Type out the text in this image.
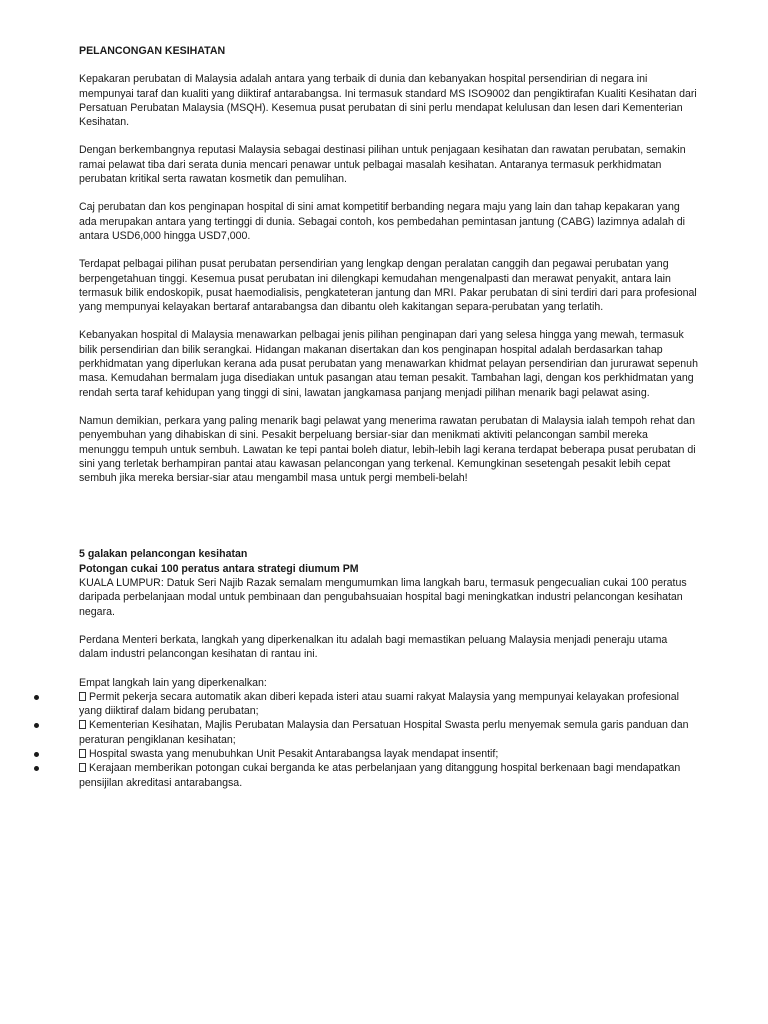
PELANCONGAN KESIHATAN

Kepakaran perubatan di Malaysia adalah antara yang terbaik di dunia dan kebanyakan hospital persendirian di negara ini mempunyai taraf dan kualiti yang diiktiraf antarabangsa. Ini termasuk standard MS ISO9002 dan pengiktirafan Kualiti Kesihatan dari Persatuan Perubatan Malaysia (MSQH). Kesemua pusat perubatan di sini perlu mendapat kelulusan dan lesen dari Kementerian Kesihatan.

Dengan berkembangnya reputasi Malaysia sebagai destinasi pilihan untuk penjagaan kesihatan dan rawatan perubatan, semakin ramai pelawat tiba dari serata dunia mencari penawar untuk pelbagai masalah kesihatan. Antaranya termasuk perkhidmatan perubatan kritikal serta rawatan kosmetik dan pemulihan.

Caj perubatan dan kos penginapan hospital di sini amat kompetitif berbanding negara maju yang lain dan tahap kepakaran yang ada merupakan antara yang tertinggi di dunia. Sebagai contoh, kos pembedahan pemintasan jantung (CABG) lazimnya adalah di antara USD6,000 hingga USD7,000.

Terdapat pelbagai pilihan pusat perubatan persendirian yang lengkap dengan peralatan canggih dan pegawai perubatan yang berpengetahuan tinggi. Kesemua pusat perubatan ini dilengkapi kemudahan mengenalpasti dan merawat penyakit, antara lain termasuk bilik endoskopik, pusat haemodialisis, pengkateteran jantung dan MRI. Pakar perubatan di sini terdiri dari para profesional yang mempunyai kelayakan bertaraf antarabangsa dan dibantu oleh kakitangan separa-perubatan yang terlatih.

Kebanyakan hospital di Malaysia menawarkan pelbagai jenis pilihan penginapan dari yang selesa hingga yang mewah, termasuk bilik persendirian dan bilik serangkai. Hidangan makanan disertakan dan kos penginapan hospital adalah berdasarkan tahap perkhidmatan yang diperlukan kerana ada pusat perubatan yang menawarkan khidmat pelayan persendirian dan jururawat sepenuh masa. Kemudahan bermalam juga disediakan untuk pasangan atau teman pesakit. Tambahan lagi, dengan kos perkhidmatan yang rendah serta taraf kehidupan yang tinggi di sini, lawatan jangkamasa panjang menjadi pilihan menarik bagi pelawat asing.

Namun demikian, perkara yang paling menarik bagi pelawat yang menerima rawatan perubatan di Malaysia ialah tempoh rehat dan penyembuhan yang dihabiskan di sini. Pesakit berpeluang bersiar-siar dan menikmati aktiviti pelancongan sambil mereka menunggu tempuh untuk sembuh. Lawatan ke tepi pantai boleh diatur, lebih-lebih lagi kerana terdapat beberapa pusat perubatan di sini yang terletak berhampiran pantai atau kawasan pelancongan yang terkenal. Kemungkinan sesetengah pesakit lebih cepat sembuh jika mereka bersiar-siar atau mengambil masa untuk pergi membeli-belah!

5 galakan pelancongan kesihatan
Potongan cukai 100 peratus antara strategi diumum PM
KUALA LUMPUR: Datuk Seri Najib Razak semalam mengumumkan lima langkah baru, termasuk pengecualian cukai 100 peratus daripada perbelanjaan modal untuk pembinaan dan pengubahsuaian hospital bagi meningkatkan industri pelancongan kesihatan negara.
Perdana Menteri berkata, langkah yang diperkenalkan itu adalah bagi memastikan peluang Malaysia menjadi peneraju utama dalam industri pelancongan kesihatan di rantau ini.
Empat langkah lain yang diperkenalkan:
Permit pekerja secara automatik akan diberi kepada isteri atau suami rakyat Malaysia yang mempunyai kelayakan profesional yang diiktiraf dalam bidang perubatan;
Kementerian Kesihatan, Majlis Perubatan Malaysia dan Persatuan Hospital Swasta perlu menyemak semula garis panduan dan peraturan pengiklanan kesihatan;
Hospital swasta yang menubuhkan Unit Pesakit Antarabangsa layak mendapat insentif;
Kerajaan memberikan potongan cukai berganda ke atas perbelanjaan yang ditanggung hospital berkenaan bagi mendapatkan pensijilan akreditasi antarabangsa.
